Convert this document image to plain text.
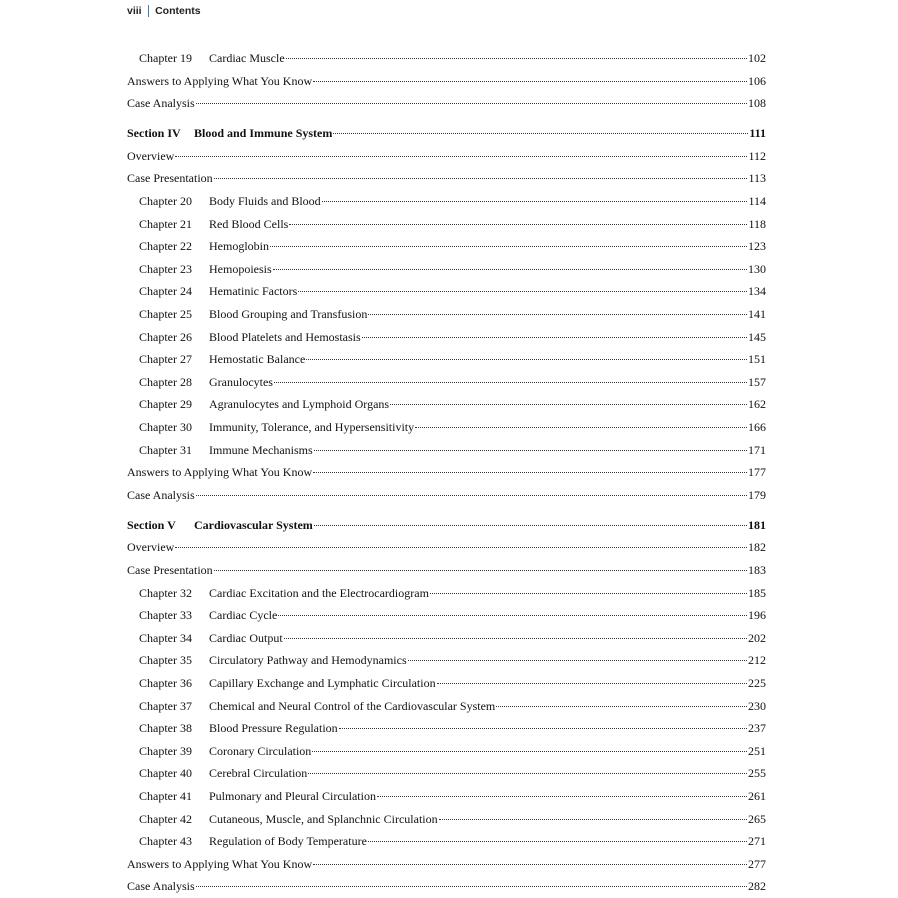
viii Contents
Chapter 19	Cardiac Muscle	102
Answers to Applying What You Know	106
Case Analysis	108
Section IV	Blood and Immune System	111
Overview	112
Case Presentation	113
Chapter 20	Body Fluids and Blood	114
Chapter 21	Red Blood Cells	118
Chapter 22	Hemoglobin	123
Chapter 23	Hemopoiesis	130
Chapter 24	Hematinic Factors	134
Chapter 25	Blood Grouping and Transfusion	141
Chapter 26	Blood Platelets and Hemostasis	145
Chapter 27	Hemostatic Balance	151
Chapter 28	Granulocytes	157
Chapter 29	Agranulocytes and Lymphoid Organs	162
Chapter 30	Immunity, Tolerance, and Hypersensitivity	166
Chapter 31	Immune Mechanisms	171
Answers to Applying What You Know	177
Case Analysis	179
Section V	Cardiovascular System	181
Overview	182
Case Presentation	183
Chapter 32	Cardiac Excitation and the Electrocardiogram	185
Chapter 33	Cardiac Cycle	196
Chapter 34	Cardiac Output	202
Chapter 35	Circulatory Pathway and Hemodynamics	212
Chapter 36	Capillary Exchange and Lymphatic Circulation	225
Chapter 37	Chemical and Neural Control of the Cardiovascular System	230
Chapter 38	Blood Pressure Regulation	237
Chapter 39	Coronary Circulation	251
Chapter 40	Cerebral Circulation	255
Chapter 41	Pulmonary and Pleural Circulation	261
Chapter 42	Cutaneous, Muscle, and Splanchnic Circulation	265
Chapter 43	Regulation of Body Temperature	271
Answers to Applying What You Know	277
Case Analysis	282
